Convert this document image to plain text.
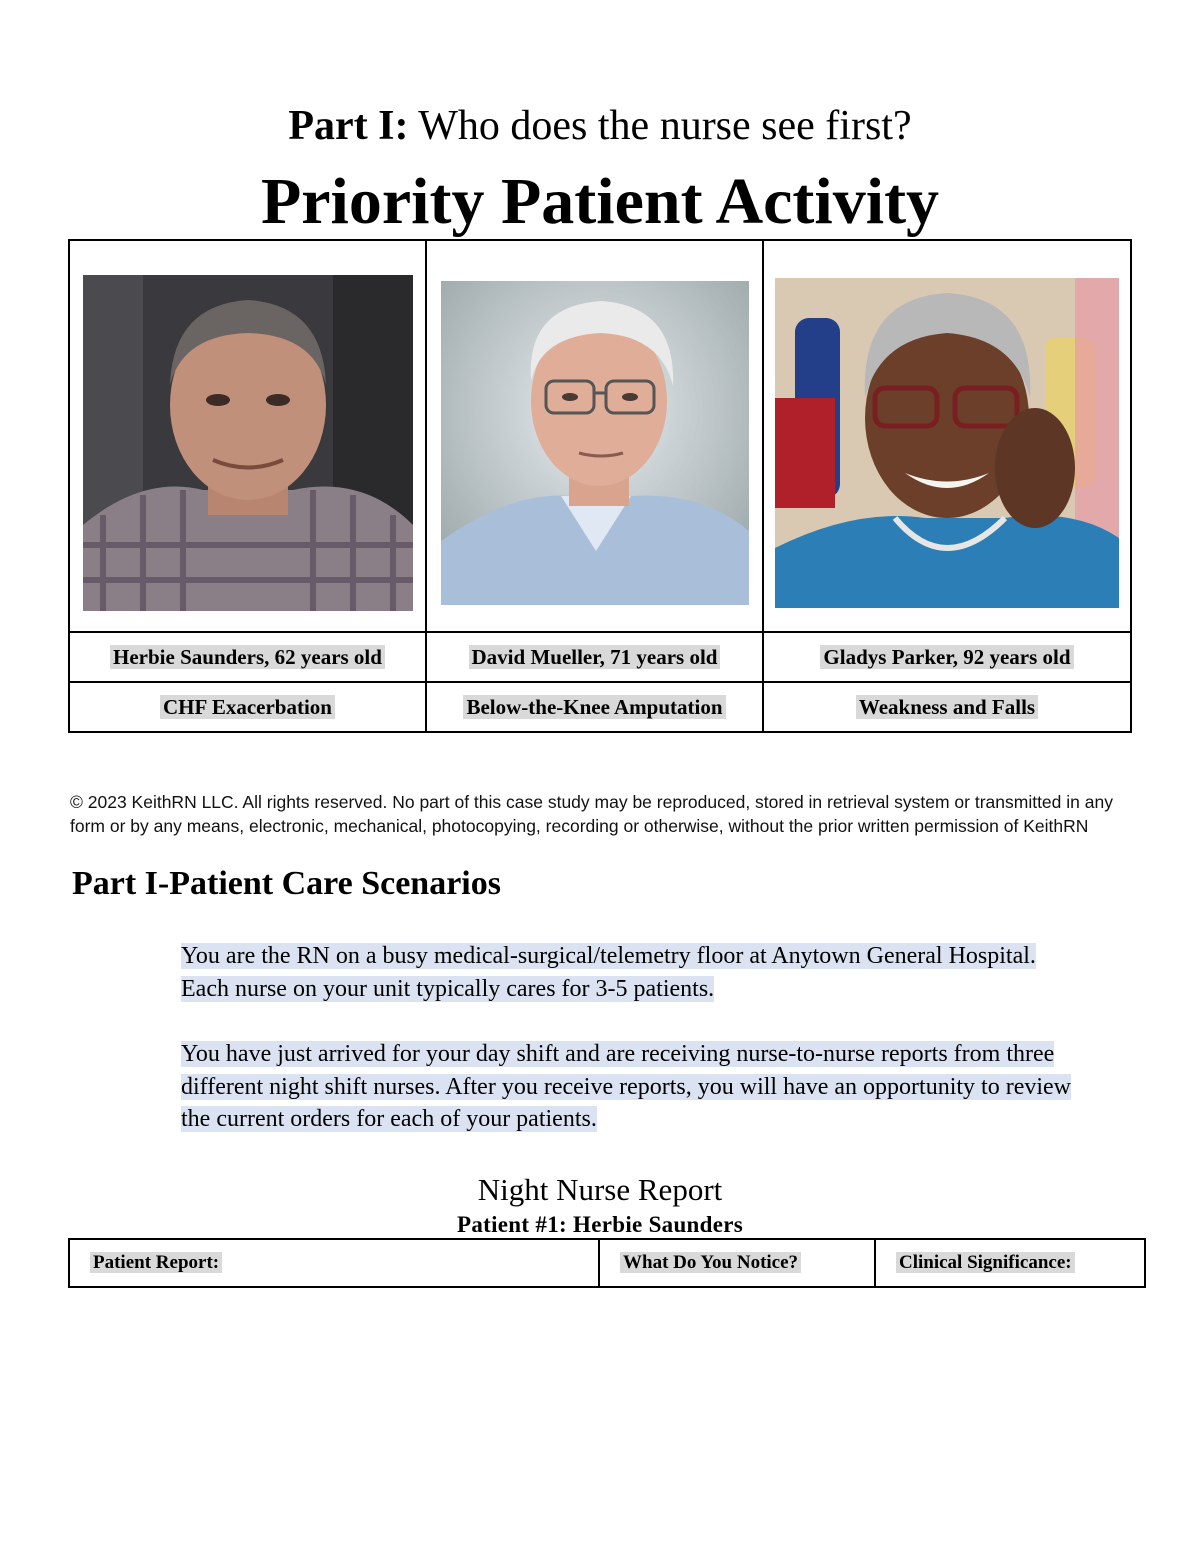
Part I: Who does the nurse see first?
Priority Patient Activity

Herbie Saunders, 62 years old	David Mueller, 71 years old	Gladys Parker, 92 years old
CHF Exacerbation	Below-the-Knee Amputation	Weakness and Falls
© 2023 KeithRN LLC. All rights reserved. No part of this case study may be reproduced, stored in retrieval system or transmitted in any form or by any means, electronic, mechanical, photocopying, recording or otherwise, without the prior written permission of KeithRN
Part I-Patient Care Scenarios
You are the RN on a busy medical-surgical/telemetry floor at Anytown General Hospital. Each nurse on your unit typically cares for 3-5 patients.
You have just arrived for your day shift and are receiving nurse-to-nurse reports from three different night shift nurses. After you receive reports, you will have an opportunity to review the current orders for each of your patients.
Night Nurse Report
Patient #1: Herbie Saunders
Patient Report:	What Do You Notice?	Clinical Significance:
